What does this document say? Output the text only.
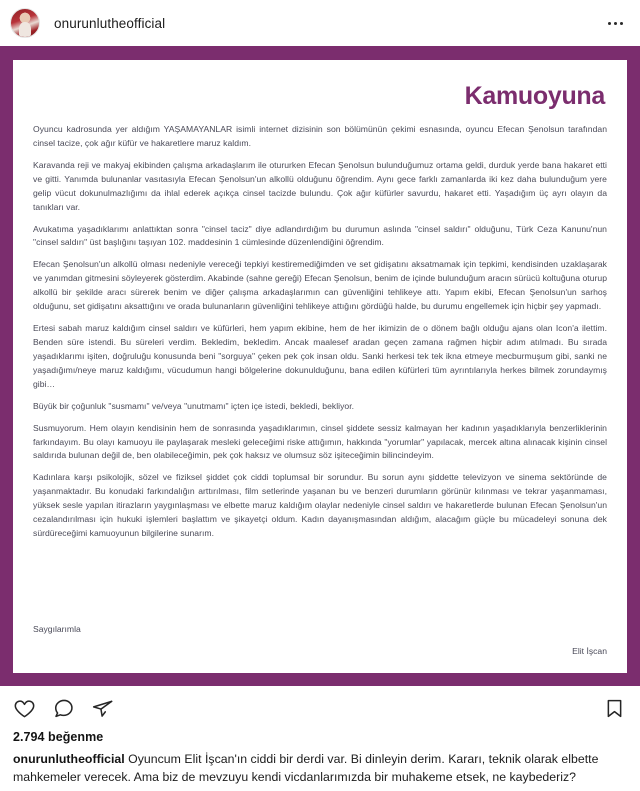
onurunlutheofficial
Kamuoyuna

Oyuncu kadrosunda yer aldığım YAŞAMAYANLAR isimli internet dizisinin son bölümünün çekimi esnasında, oyuncu Efecan Şenolsun tarafından cinsel tacize, çok ağır küfür ve hakaretlere maruz kaldım.

Karavanda reji ve makyaj ekibinden çalışma arkadaşlarım ile otururken Efecan Şenolsun bulunduğumuz ortama geldi, durduk yerde bana hakaret etti ve gitti. Yanımda bulunanlar vasıtasıyla Efecan Şenolsun'un alkollü olduğunu öğrendim. Aynı gece farklı zamanlarda iki kez daha bulunduğum yere gelip vücut dokunulmazlığımı da ihlal ederek açıkça cinsel tacizde bulundu. Çok ağır küfürler savurdu, hakaret etti. Yaşadığım üç ayrı olayın da tanıkları var.

Avukatıma yaşadıklarımı anlattıktan sonra "cinsel taciz" diye adlandırdığım bu durumun aslında "cinsel saldırı" olduğunu, Türk Ceza Kanunu'nun "cinsel saldırı" üst başlığını taşıyan 102. maddesinin 1 cümlesinde düzenlendiğini öğrendim.

Efecan Şenolsun'un alkollü olması nedeniyle vereceği tepkiyi kestiremediğimden ve set gidişatını aksatmamak için tepkimi, kendisinden uzaklaşarak ve yanımdan gitmesini söyleyerek gösterdim. Akabinde (sahne gereği) Efecan Şenolsun, benim de içinde bulunduğum aracın sürücü koltuğuna oturup alkollü bir şekilde aracı sürerek benim ve diğer çalışma arkadaşlarımın can güvenliğini tehlikeye attı. Yapım ekibi, Efecan Şenolsun'un sarhoş olduğunu, set gidişatını aksattığını ve orada bulunanların güvenliğini tehlikeye attığını gördüğü halde, bu durumu engellemek için hiçbir şey yapmadı.

Ertesi sabah maruz kaldığım cinsel saldırı ve küfürleri, hem yapım ekibine, hem de her ikimizin de o dönem bağlı olduğu ajans olan Icon'a ilettim. Benden süre istendi. Bu süreleri verdim. Bekledim, bekledim. Ancak maalesef aradan geçen zamana rağmen hiçbir adım atılmadı. Bu sırada yaşadıklarımı işiten, doğruluğu konusunda beni "sorguya" çeken pek çok insan oldu. Sanki herkesi tek tek ikna etmeye mecburmuşum gibi, sanki ne yaşadığımı/neye maruz kaldığımı, vücudumun hangi bölgelerine dokunulduğunu, bana edilen küfürleri tüm ayrıntılarıyla herkes bilmek zorundaymış gibi…

Büyük bir çoğunluk "susmamı" ve/veya "unutmamı" içten içe istedi, bekledi, bekliyor.

Susmuyorum. Hem olayın kendisinin hem de sonrasında yaşadıklarımın, cinsel şiddete sessiz kalmayan her kadının yaşadıklarıyla benzerliklerinin farkındayım. Bu olayı kamuoyu ile paylaşarak mesleki geleceğimi riske attığımın, hakkında "yorumlar" yapılacak, mercek altına alınacak kişinin cinsel saldırıda bulunan değil de, ben olabileceğimin, pek çok haksız ve olumsuz söz işiteceğimin bilincindeyim.

Kadınlara karşı psikolojik, sözel ve fiziksel şiddet çok ciddi toplumsal bir sorundur. Bu sorun aynı şiddette televizyon ve sinema sektöründe de yaşanmaktadır. Bu konudaki farkındalığın arttırılması, film setlerinde yaşanan bu ve benzeri durumların görünür kılınması ve tekrar yaşanmaması, yüksek sesle yapılan itirazların yaygınlaşması ve elbette maruz kaldığım olaylar nedeniyle cinsel saldırı ve hakaretlerde bulunan Efecan Şenolsun'un cezalandırılması için hukuki işlemleri başlattım ve şikayetçi oldum. Kadın dayanışmasından aldığım, alacağım güçle bu mücadeleyi sonuna dek sürdüreceğimi kamuoyunun bilgilerine sunarım.

Saygılarımla
Elit İşcan
2.794 beğenme
onurunlutheofficial Oyuncum Elit İşcan'ın ciddi bir derdi var. Bi dinleyin derim. Kararı, teknik olarak elbette mahkemeler verecek. Ama biz de mevzuyu kendi vicdanlarımızda bir muhakeme etsek, ne kaybederiz?
